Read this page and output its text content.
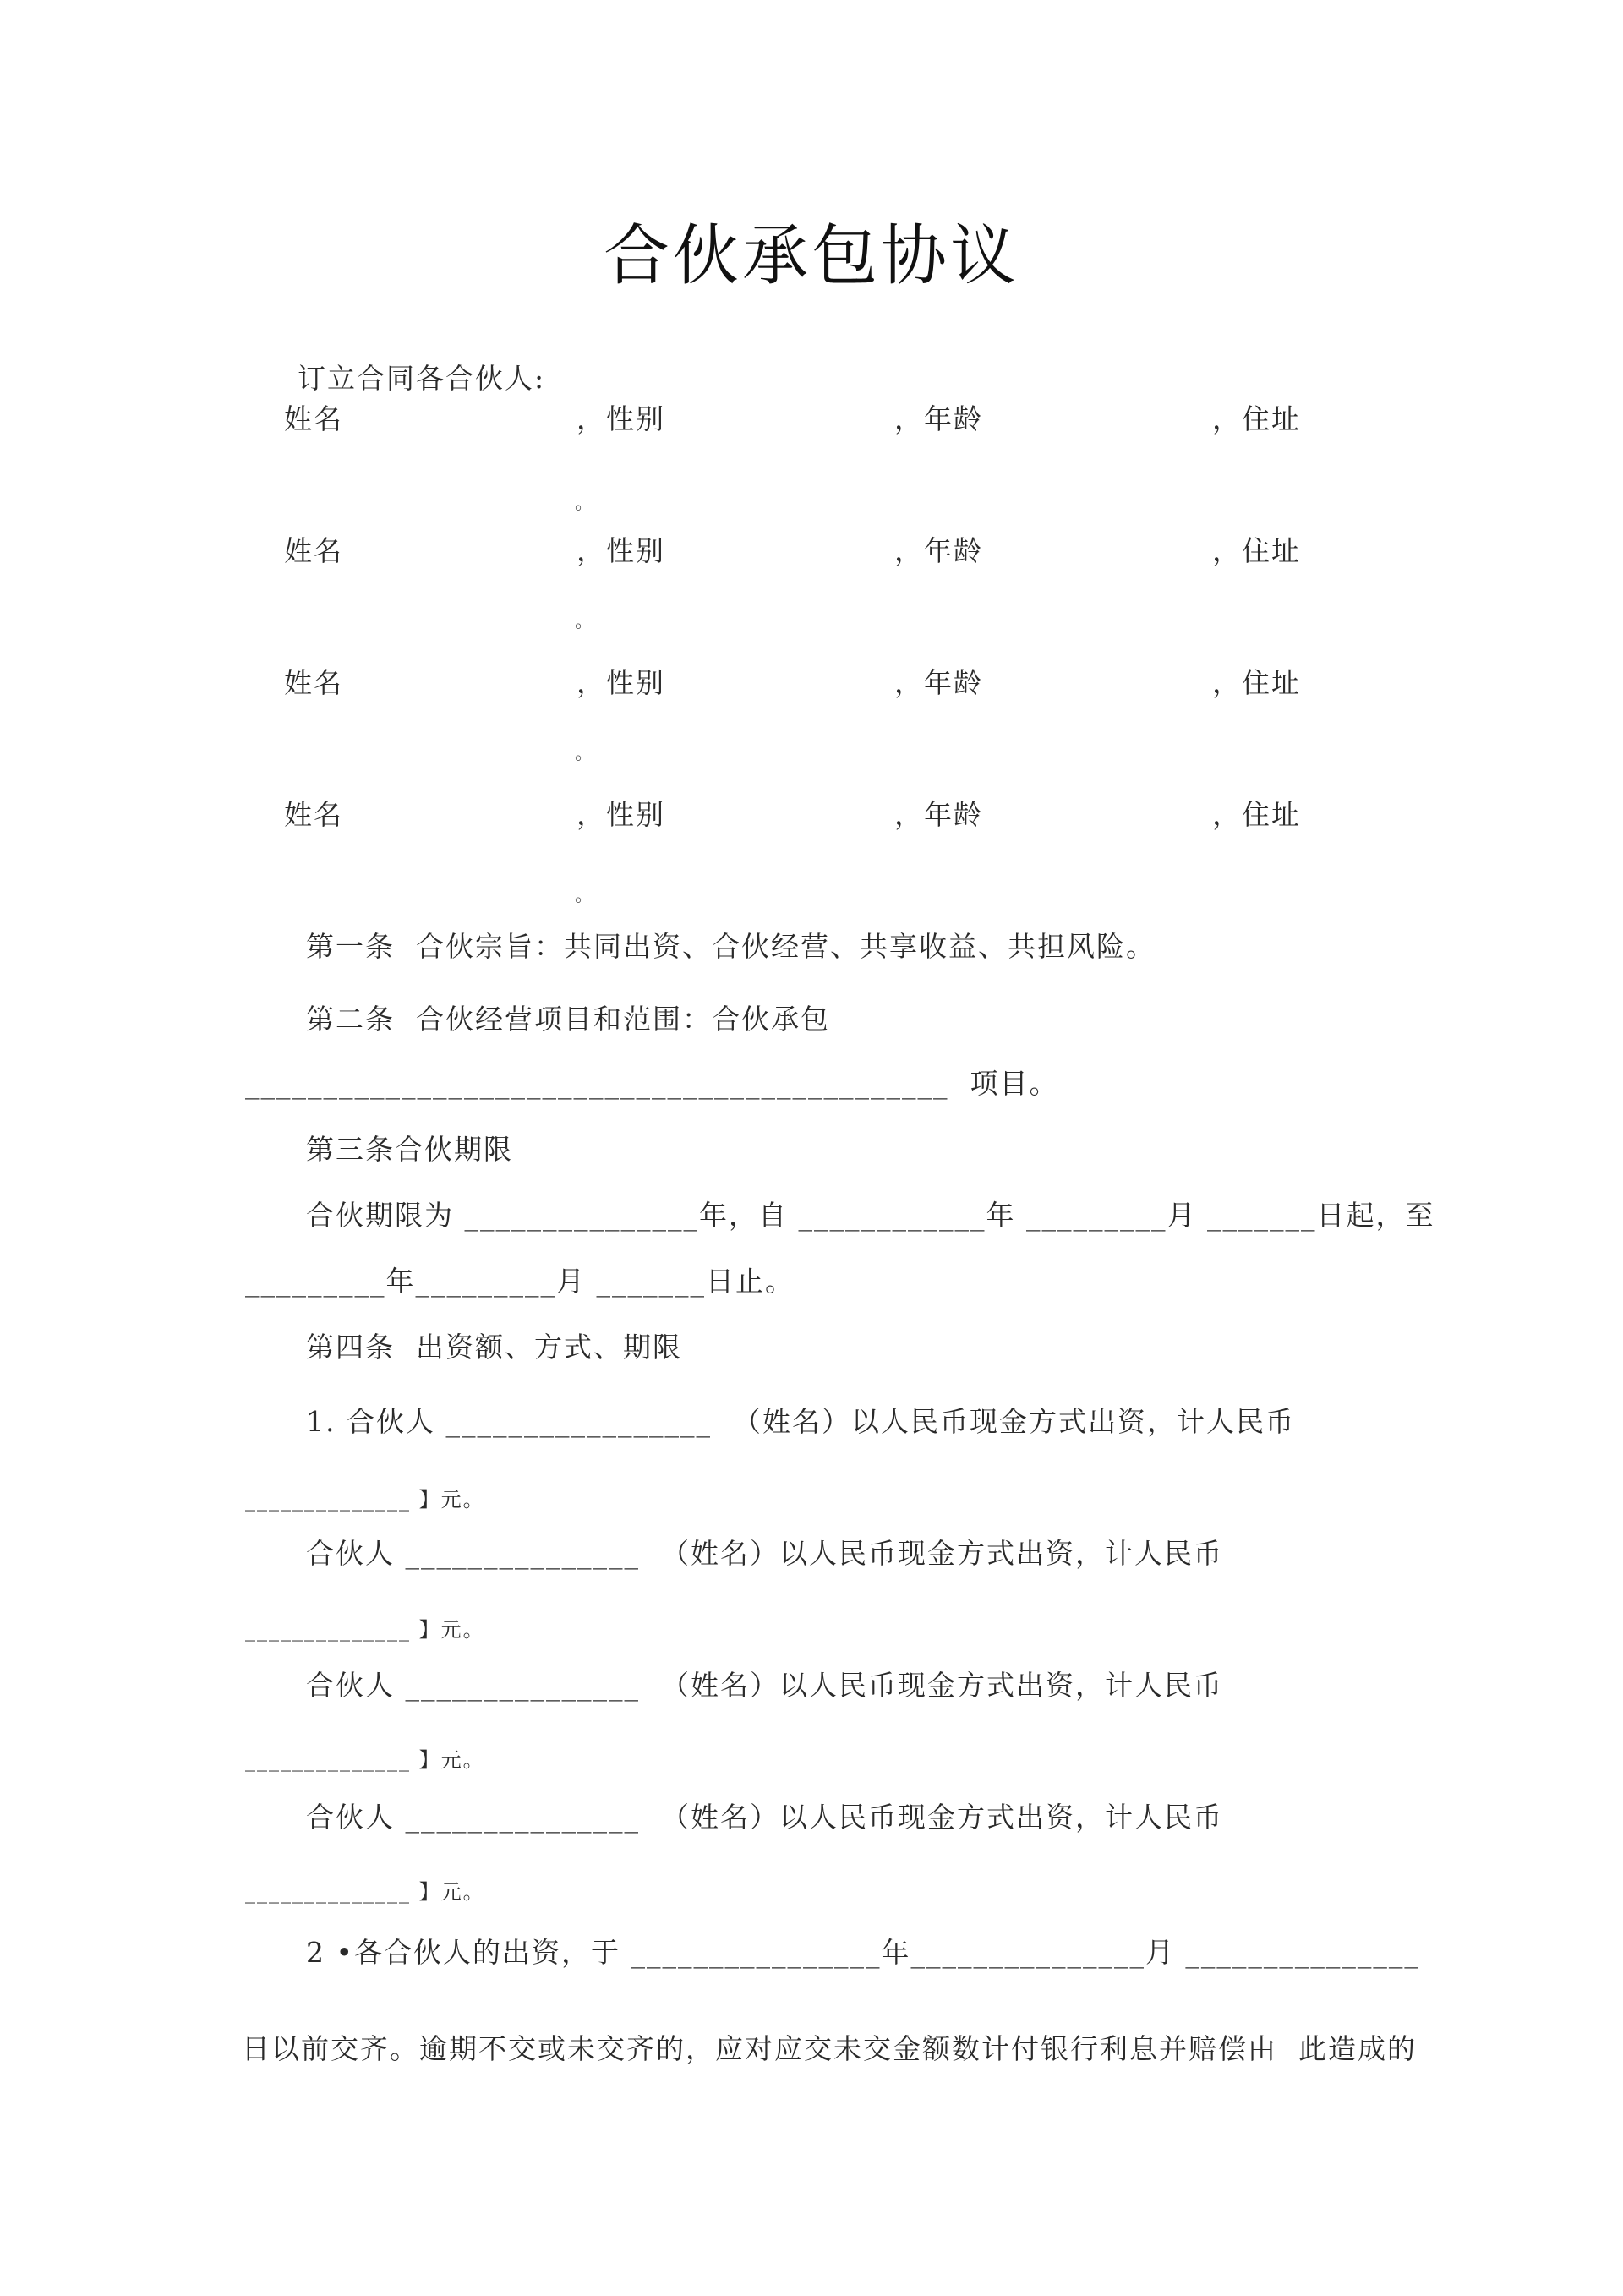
合伙承包协议
订立合同各合伙人:
姓名	，性别	，年龄	，住址
。
姓名	，性别	，年龄	，住址
。
姓名	，性别	，年龄	，住址
。
姓名	，性别	，年龄	，住址
。
第一条  合伙宗旨：共同出资、合伙经营、共享收益、共担风险。
第二条  合伙经营项目和范围：合伙承包
_____________________________________________  项目。
第三条合伙期限
合伙期限为 _______________年，自 ____________年 _________月 _______日起，至
_________年_________月 _______日止。
第四条  出资额、方式、期限
1. 合伙人 _________________  （姓名）以人民币现金方式出资，计人民币
______________ 】元。
合伙人 _______________  （姓名）以人民币现金方式出资，计人民币
______________ 】元。
合伙人 _______________  （姓名）以人民币现金方式出资，计人民币
______________ 】元。
合伙人 _______________  （姓名）以人民币现金方式出资，计人民币
______________ 】元。
2 •各合伙人的出资，于 ________________年_______________月 _______________
日以前交齐。逾期不交或未交齐的，应对应交未交金额数计付银行利息并赔偿由  此造成的
